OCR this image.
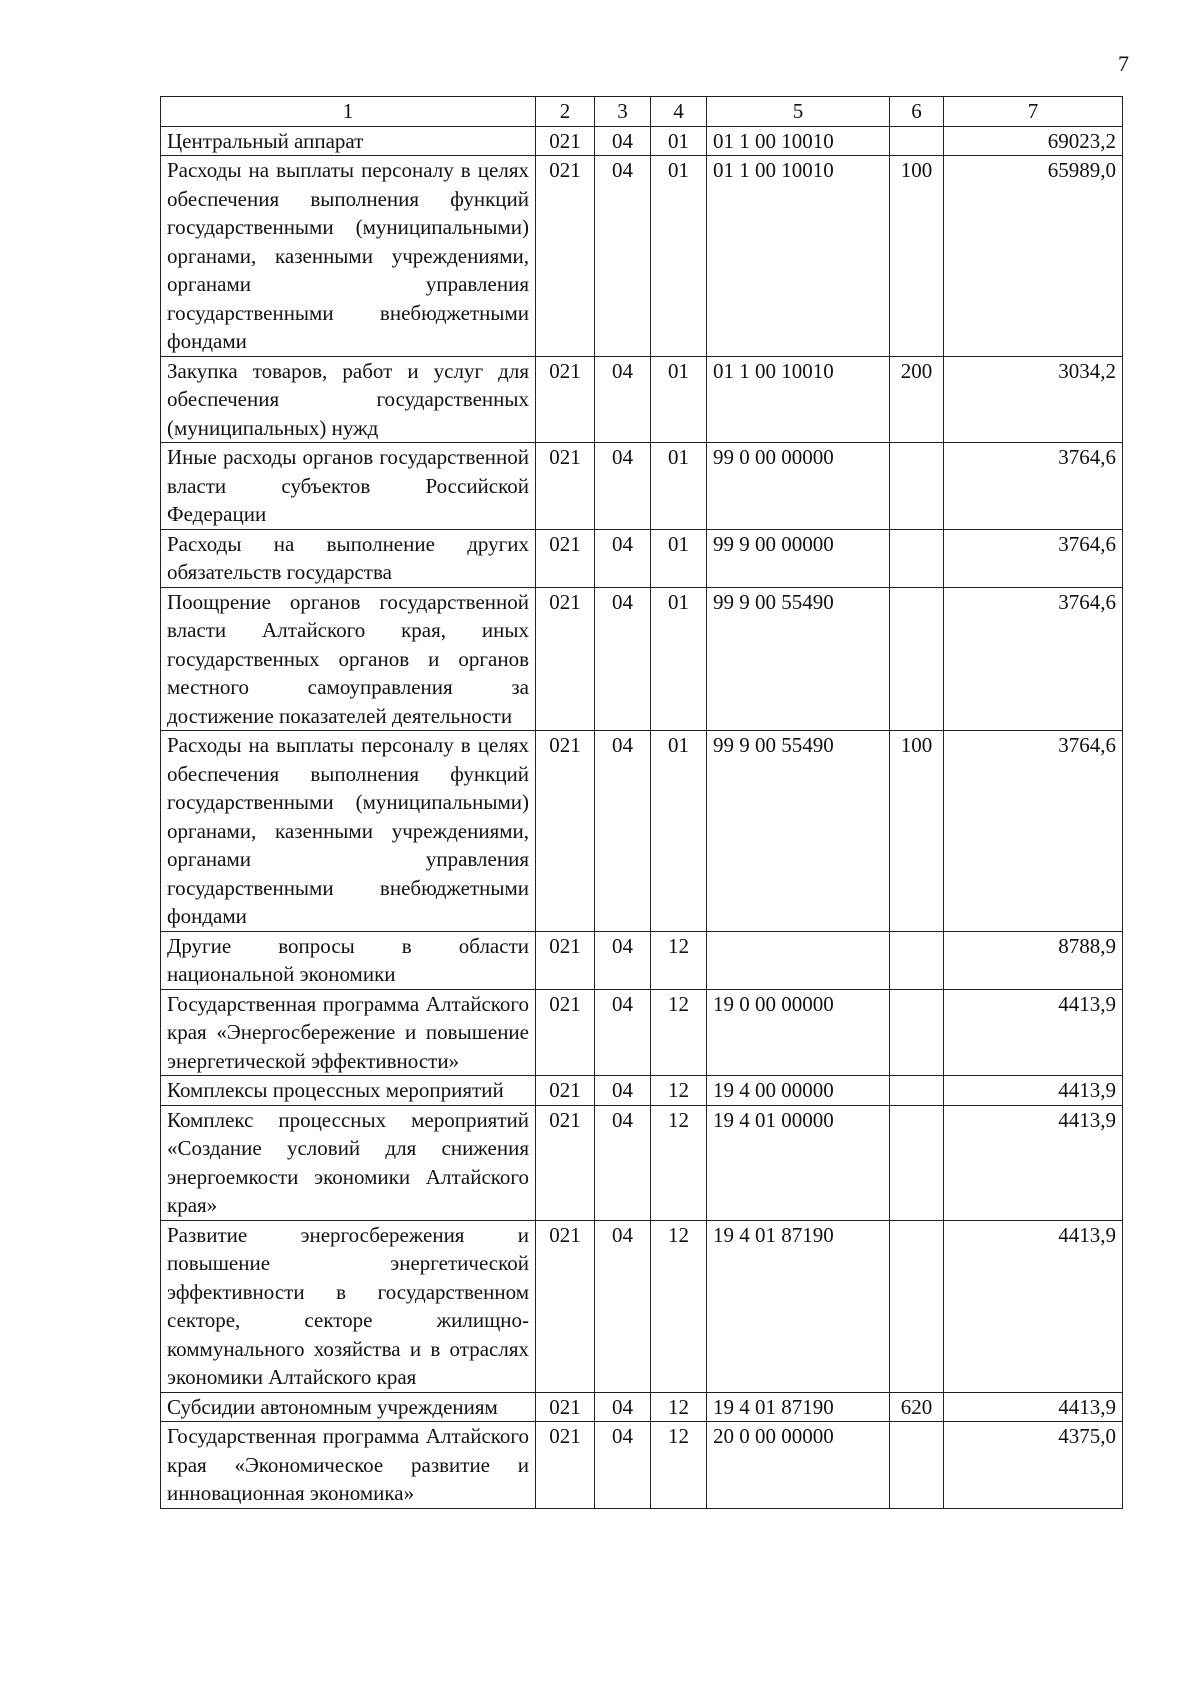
7
1	2	3	4	5	6	7
Центральный аппарат	021	04	01	01 1 00 10010		69023,2
Расходы на выплаты персоналу в целях обеспечения выполнения функций государственными (муниципальными) органами, казенными учреждениями, органами управления государственными внебюджетными фондами	021	04	01	01 1 00 10010	100	65989,0
Закупка товаров, работ и услуг для обеспечения государственных (муниципальных) нужд	021	04	01	01 1 00 10010	200	3034,2
Иные расходы органов государственной власти субъектов Российской Федерации	021	04	01	99 0 00 00000		3764,6
Расходы на выполнение других обязательств государства	021	04	01	99 9 00 00000		3764,6
Поощрение органов государственной власти Алтайского края, иных государственных органов и органов местного самоуправления за достижение показателей деятельности	021	04	01	99 9 00 55490		3764,6
Расходы на выплаты персоналу в целях обеспечения выполнения функций государственными (муниципальными) органами, казенными учреждениями, органами управления государственными внебюджетными фондами	021	04	01	99 9 00 55490	100	3764,6
Другие вопросы в области национальной экономики	021	04	12			8788,9
Государственная программа Алтайского края «Энергосбережение и повышение энергетической эффективности»	021	04	12	19 0 00 00000		4413,9
Комплексы процессных мероприятий	021	04	12	19 4 00 00000		4413,9
Комплекс процессных мероприятий «Создание условий для снижения энергоемкости экономики Алтайского края»	021	04	12	19 4 01 00000		4413,9
Развитие энергосбережения и повышение энергетической эффективности в государственном секторе, секторе жилищно-коммунального хозяйства и в отраслях экономики Алтайского края	021	04	12	19 4 01 87190		4413,9
Субсидии автономным учреждениям	021	04	12	19 4 01 87190	620	4413,9
Государственная программа Алтайского края «Экономическое развитие и инновационная экономика»	021	04	12	20 0 00 00000		4375,0
